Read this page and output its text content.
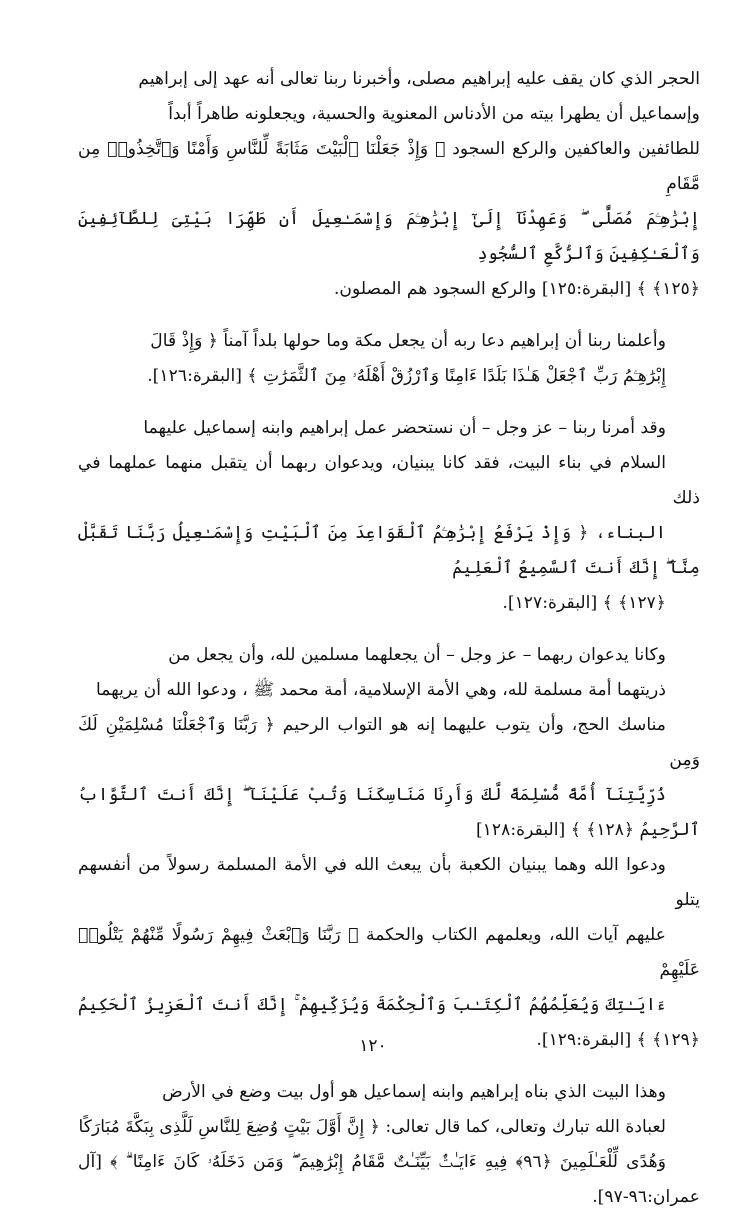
الحجر الذي كان يقف عليه إبراهيم مصلى، وأخبرنا ربنا تعالى أنه عهد إلى إبراهيم
وإسماعيل أن يطهرا بيته من الأدناس المعنوية والحسية، ويجعلونه طاهراً أبداً
للطائفين والعاكفين والركع السجود ﴿ وَإِذْ جَعَلْنَا ٱلْبَيْتَ مَثَابَةً لِّلنَّاسِ وَأَمْنًا وَٱتَّخِذُوا۟ مِن مَّقَامِ
إِبْرَٰهِـۧمَ مُصَلًّى ۖ وَعَهِدْنَآ إِلَىٰٓ إِبْرَٰهِـۧمَ وَإِسْمَـٰعِيلَ أَن طَهِّرَا بَيْتِىَ لِلطَّآئِفِينَ وَٱلْعَـٰكِفِينَ وَٱلرُّكَّعِ ٱلسُّجُودِ
﴿١٢٥﴾ ﴾ [البقرة:١٢٥] والركع السجود هم المصلون.

وأعلمنا ربنا أن إبراهيم دعا ربه أن يجعل مكة وما حولها بلداً آمناً ﴿ وَإِذْ قَالَ
إِبْرَٰهِـۧمُ رَبِّ ٱجْعَلْ هَـٰذَا بَلَدًا ءَامِنًا وَٱرْزُقْ أَهْلَهُۥ مِنَ ٱلثَّمَرَٰتِ ﴾ [البقرة:١٢٦].

وقد أمرنا ربنا – عز وجل – أن نستحضر عمل إبراهيم وابنه إسماعيل عليهما
السلام في بناء البيت، فقد كانا يبنيان، ويدعوان ربهما أن يتقبل منهما عملهما في ذلك
البناء، ﴿ وَإِذْ يَرْفَعُ إِبْرَٰهِـۧمُ ٱلْقَوَاعِدَ مِنَ ٱلْبَيْتِ وَإِسْمَـٰعِيلُ رَبَّنَا تَقَبَّلْ مِنَّآ ۖ إِنَّكَ أَنتَ ٱلسَّمِيعُ ٱلْعَلِيمُ
﴿١٢٧﴾ ﴾ [البقرة:١٢٧].

وكانا يدعوان ربهما – عز وجل – أن يجعلهما مسلمين لله، وأن يجعل من
ذريتهما أمة مسلمة لله، وهي الأمة الإسلامية، أمة محمد ﷺ ، ودعوا الله أن يريهما
مناسك الحج، وأن يتوب عليهما إنه هو التواب الرحيم ﴿ رَبَّنَا وَٱجْعَلْنَا مُسْلِمَيْنِ لَكَ وَمِن
ذُرِّيَّتِنَآ أُمَّةً مُّسْلِمَةً لَّكَ وَأَرِنَا مَنَاسِكَنَا وَتُبْ عَلَيْنَآ ۖ إِنَّكَ أَنتَ ٱلتَّوَّابُ ٱلرَّحِيمُ ﴿١٢٨﴾ ﴾ [البقرة:١٢٨]
ودعوا الله وهما يبنيان الكعبة بأن يبعث الله في الأمة المسلمة رسولاً من أنفسهم يتلو
عليهم آيات الله، ويعلمهم الكتاب والحكمة ﴿ رَبَّنَا وَٱبْعَثْ فِيهِمْ رَسُولًا مِّنْهُمْ يَتْلُوا۟ عَلَيْهِمْ
ءَايَـٰتِكَ وَيُعَلِّمُهُمُ ٱلْكِتَـٰبَ وَٱلْحِكْمَةَ وَيُزَكِّيهِمْ ۚ إِنَّكَ أَنتَ ٱلْعَزِيزُ ٱلْحَكِيمُ ﴿١٢٩﴾ ﴾ [البقرة:١٢٩].

وهذا البيت الذي بناه إبراهيم وابنه إسماعيل هو أول بيت وضع في الأرض
لعبادة الله تبارك وتعالى، كما قال تعالى: ﴿ إِنَّ أَوَّلَ بَيْتٍ وُضِعَ لِلنَّاسِ لَلَّذِى بِبَكَّةَ مُبَارَكًا
وَهُدًى لِّلْعَـٰلَمِينَ ﴿٩٦﴾ فِيهِ ءَايَـٰتٌۢ بَيِّنَـٰتٌ مَّقَامُ إِبْرَٰهِيمَ ۖ وَمَن دَخَلَهُۥ كَانَ ءَامِنًا ۗ ﴾ [آل عمران:٩٦-٩٧].

١٢٠
